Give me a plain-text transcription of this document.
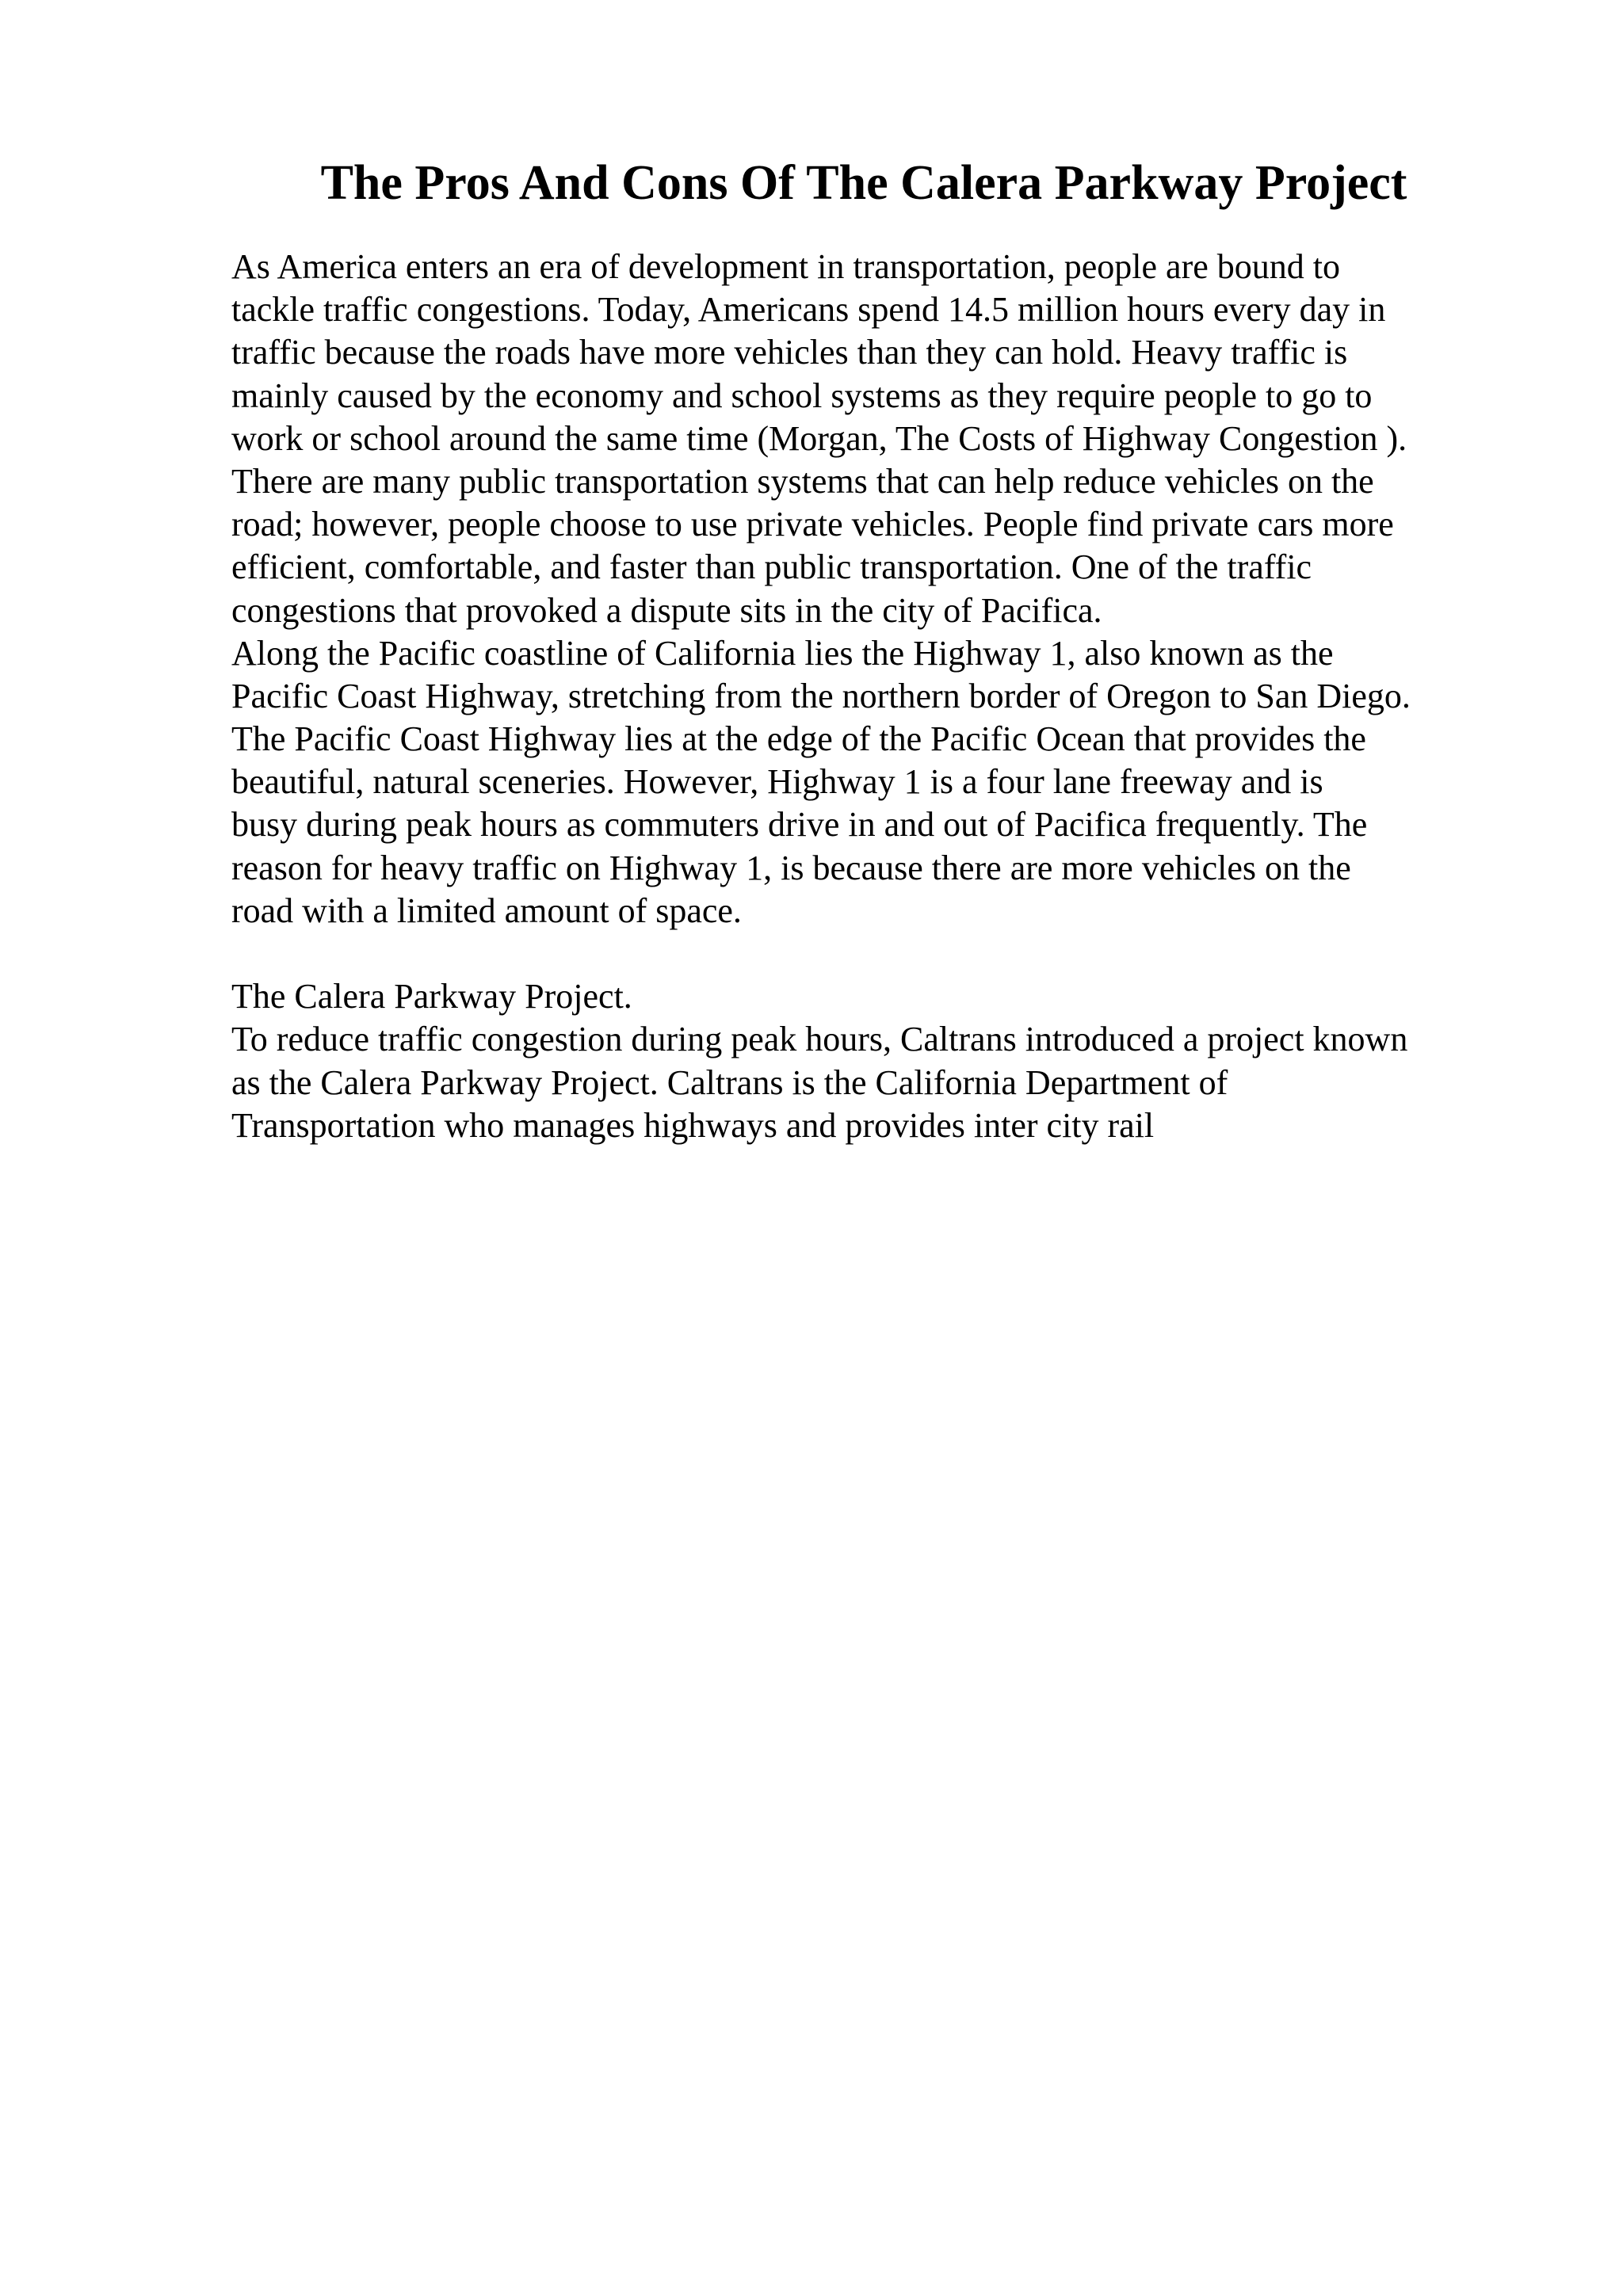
The Pros And Cons Of The Calera Parkway Project
As America enters an era of development in transportation, people are bound to
tackle traffic congestions. Today, Americans spend 14.5 million hours every day in
traffic because the roads have more vehicles than they can hold. Heavy traffic is
mainly caused by the economy and school systems as they require people to go to
work or school around the same time (Morgan, The Costs of Highway Congestion ).
There are many public transportation systems that can help reduce vehicles on the
road; however, people choose to use private vehicles. People find private cars more
efficient, comfortable, and faster than public transportation. One of the traffic
congestions that provoked a dispute sits in the city of Pacifica.
Along the Pacific coastline of California lies the Highway 1, also known as the
Pacific Coast Highway, stretching from the northern border of Oregon to San Diego.
The Pacific Coast Highway lies at the edge of the Pacific Ocean that provides the
beautiful, natural sceneries. However, Highway 1 is a four lane freeway and is
busy during peak hours as commuters drive in and out of Pacifica frequently. The
reason for heavy traffic on Highway 1, is because there are more vehicles on the
road with a limited amount of space.
The Calera Parkway Project.
To reduce traffic congestion during peak hours, Caltrans introduced a project known
as the Calera Parkway Project. Caltrans is the California Department of
Transportation who manages highways and provides inter city rail
